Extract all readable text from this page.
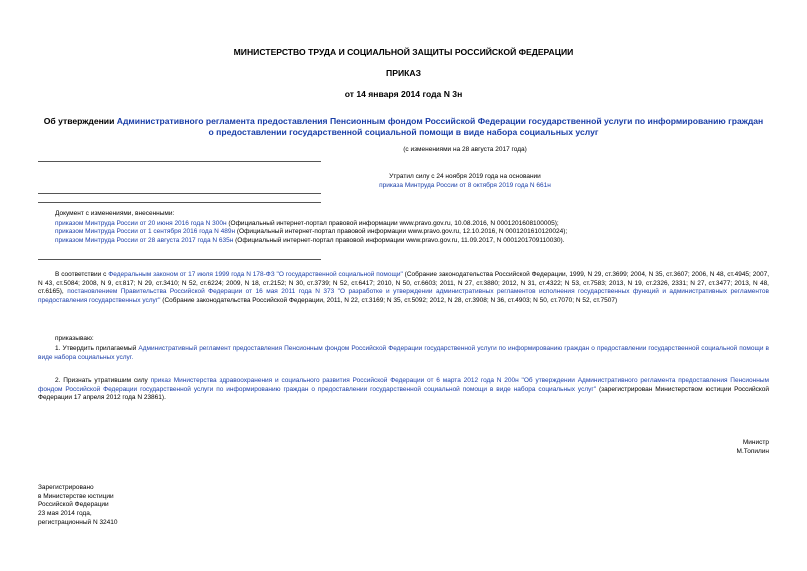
МИНИСТЕРСТВО ТРУДА И СОЦИАЛЬНОЙ ЗАЩИТЫ РОССИЙСКОЙ ФЕДЕРАЦИИ
ПРИКАЗ
от 14 января 2014 года N 3н
Об утверждении Административного регламента предоставления Пенсионным фондом Российской Федерации государственной услуги по информированию граждан о предоставлении государственной социальной помощи в виде набора социальных услуг
(с изменениями на 28 августа 2017 года)
Утратил силу с 24 ноября 2019 года на основании
приказа Минтруда России от 8 октября 2019 года N 661н
Документ с изменениями, внесенными:
приказом Минтруда России от 20 июня 2016 года N 300н (Официальный интернет-портал правовой информации www.pravo.gov.ru, 10.08.2016, N 0001201608100005);
приказом Минтруда России от 1 сентября 2016 года N 489н (Официальный интернет-портал правовой информации www.pravo.gov.ru, 12.10.2016, N 0001201610120024);
приказом Минтруда России от 28 августа 2017 года N 635н (Официальный интернет-портал правовой информации www.pravo.gov.ru, 11.09.2017, N 0001201709110030).
В соответствии с Федеральным законом от 17 июля 1999 года N 178-ФЗ "О государственной социальной помощи" (Собрание законодательства Российской Федерации, 1999, N 29, ст.3699; 2004, N 35, ст.3607; 2006, N 48, ст.4945; 2007, N 43, ст.5084; 2008, N 9, ст.817; N 29, ст.3410; N 52, ст.6224; 2009, N 18, ст.2152; N 30, ст.3739; N 52, ст.6417; 2010, N 50, ст.6603; 2011, N 27, ст.3880; 2012, N 31, ст.4322; N 53, ст.7583; 2013, N 19, ст.2326, 2331; N 27, ст.3477; 2013, N 48, ст.6165), постановлением Правительства Российской Федерации от 16 мая 2011 года N 373 "О разработке и утверждении административных регламентов исполнения государственных функций и административных регламентов предоставления государственных услуг" (Собрание законодательства Российской Федерации, 2011, N 22, ст.3169; N 35, ст.5092; 2012, N 28, ст.3908; N 36, ст.4903; N 50, ст.7070; N 52, ст.7507)
приказываю:
1. Утвердить прилагаемый Административный регламент предоставления Пенсионным фондом Российской Федерации государственной услуги по информированию граждан о предоставлении государственной социальной помощи в виде набора социальных услуг.
2. Признать утратившим силу приказ Министерства здравоохранения и социального развития Российской Федерации от 6 марта 2012 года N 200н "Об утверждении Административного регламента предоставления Пенсионным фондом Российской Федерации государственной услуги по информированию граждан о предоставлении государственной социальной помощи в виде набора социальных услуг" (зарегистрирован Министерством юстиции Российской Федерации 17 апреля 2012 года N 23861).
Министр
М.Топилин
Зарегистрировано
в Министерстве юстиции
Российской Федерации
23 мая 2014 года,
регистрационный N 32410
